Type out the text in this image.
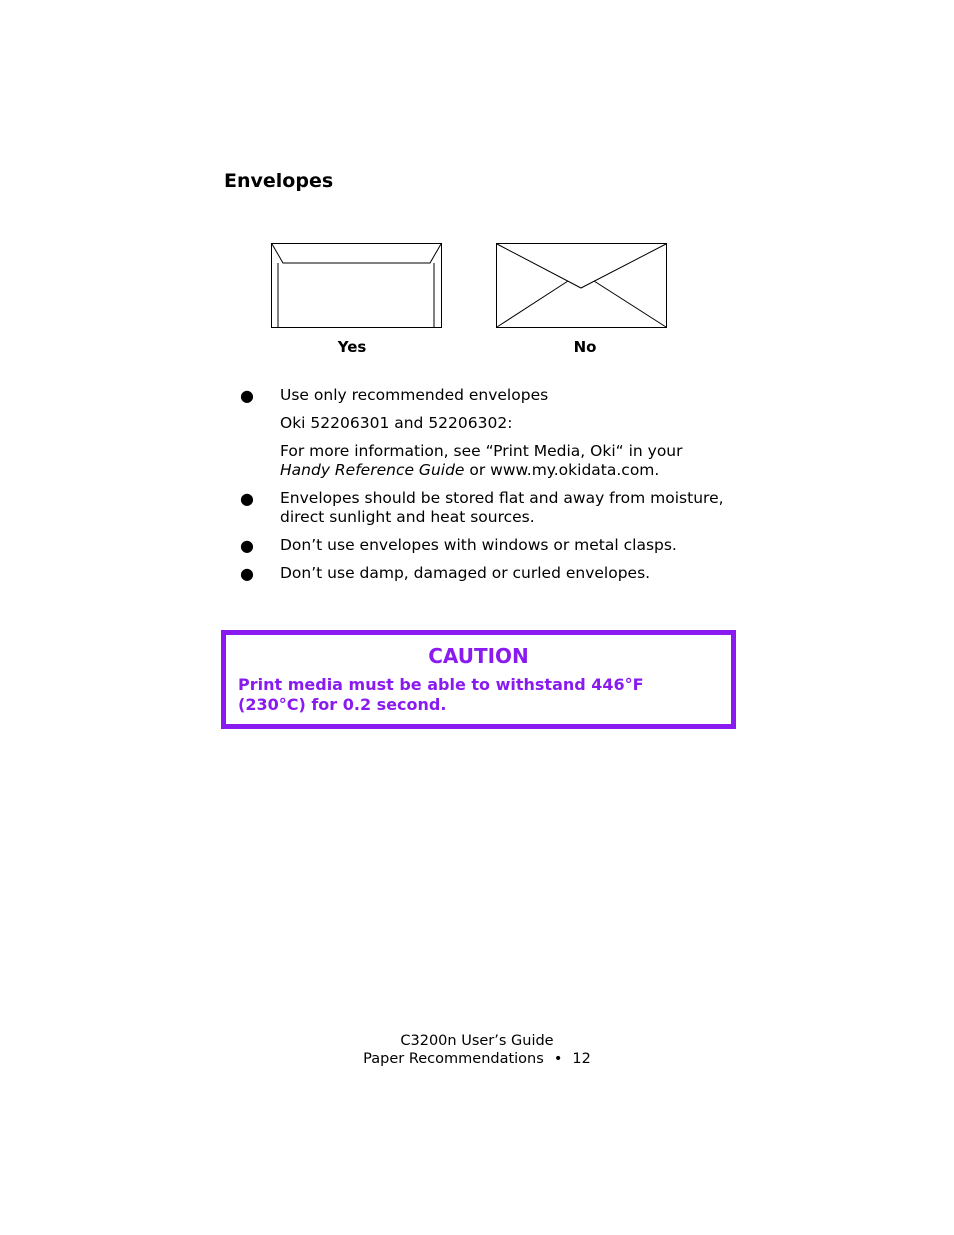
Envelopes
Yes	No
● Use only recommended envelopes

Oki 52206301 and 52206302:

For more information, see “Print Media, Oki“ in your
Handy Reference Guide or www.my.okidata.com.

● Envelopes should be stored flat and away from moisture, direct sunlight and heat sources.

● Don’t use envelopes with windows or metal clasps.

● Don’t use damp, damaged or curled envelopes.

CAUTION
Print media must be able to withstand 446°F (230°C) for 0.2 second.
C3200n User’s Guide
Paper Recommendations • 12
